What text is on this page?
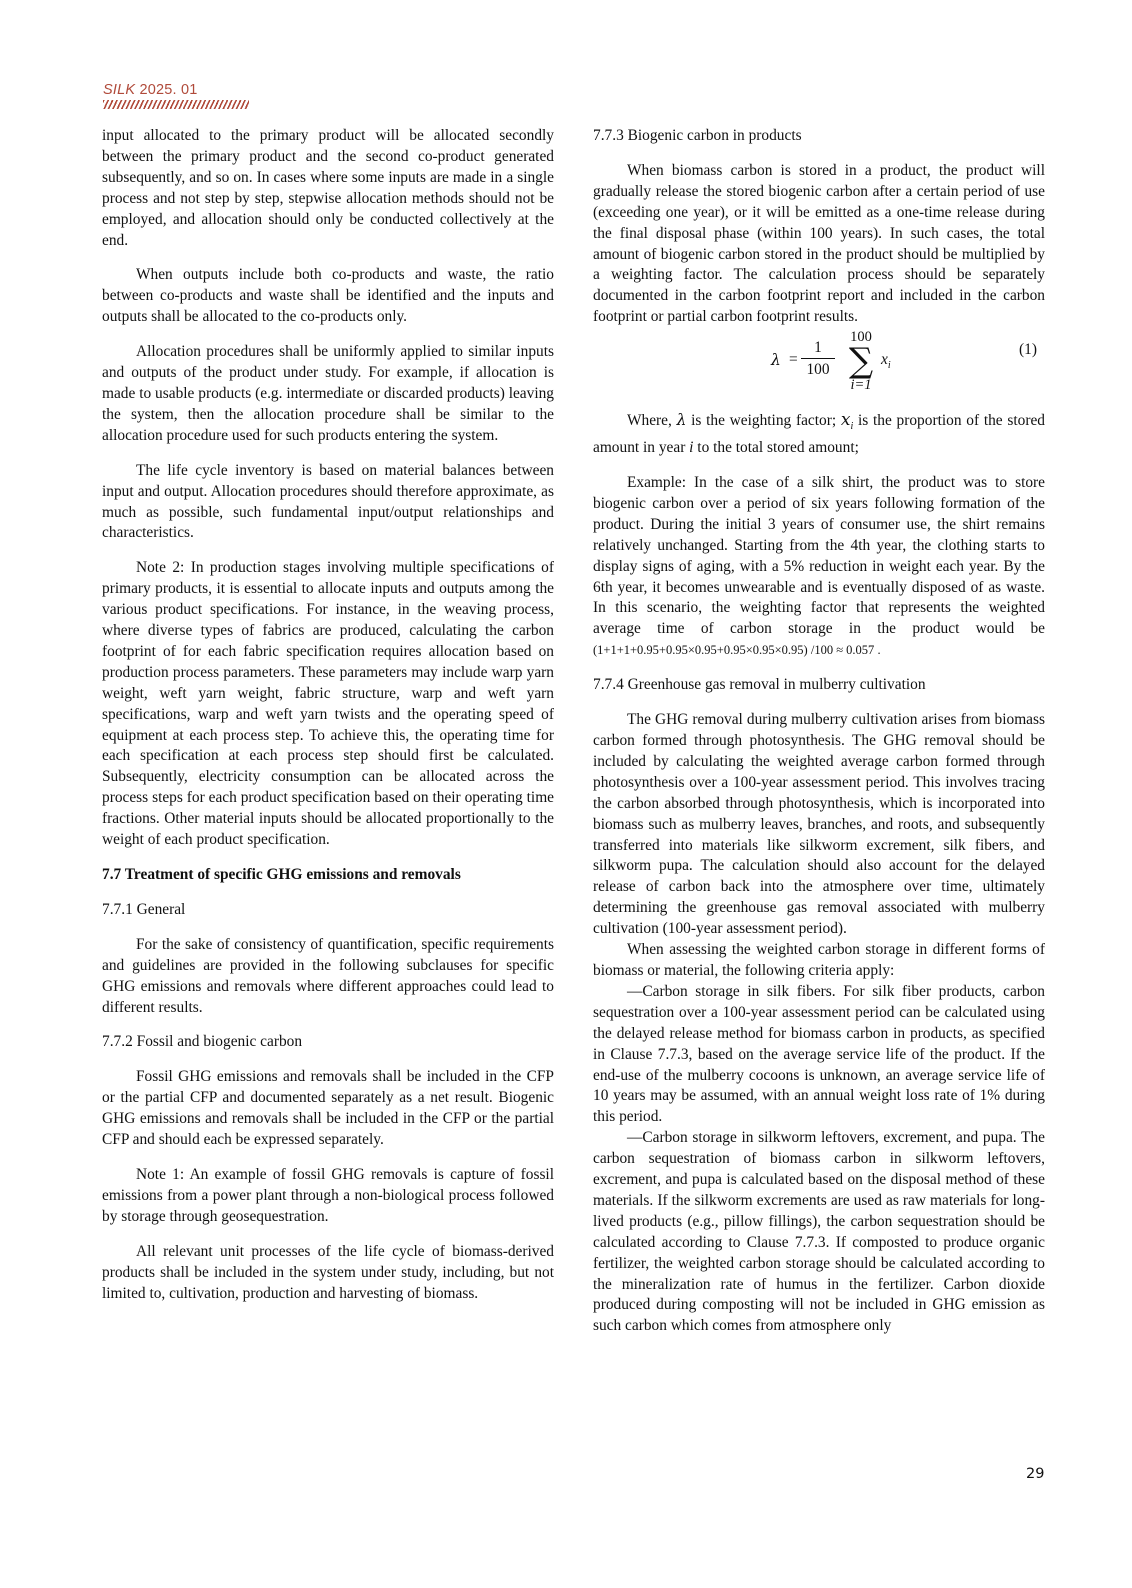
SILK 2025. 01

input allocated to the primary product will be allocated secondly between the primary product and the second co-product generated subsequently, and so on. In cases where some inputs are made in a single process and not step by step, stepwise allocation methods should not be employed, and allocation should only be conducted collectively at the end.

When outputs include both co-products and waste, the ratio between co-products and waste shall be identified and the inputs and outputs shall be allocated to the co-products only.

Allocation procedures shall be uniformly applied to similar inputs and outputs of the product under study. For example, if allocation is made to usable products (e.g. intermediate or discarded products) leaving the system, then the allocation procedure shall be similar to the allocation procedure used for such products entering the system.

The life cycle inventory is based on material balances between input and output. Allocation procedures should therefore approximate, as much as possible, such fundamental input/output relationships and characteristics.

Note 2: In production stages involving multiple specifications of primary products, it is essential to allocate inputs and outputs among the various product specifications. For instance, in the weaving process, where diverse types of fabrics are produced, calculating the carbon footprint of for each fabric specification requires allocation based on production process parameters. These parameters may include warp yarn weight, weft yarn weight, fabric structure, warp and weft yarn specifications, warp and weft yarn twists and the operating speed of equipment at each process step. To achieve this, the operating time for each specification at each process step should first be calculated. Subsequently, electricity consumption can be allocated across the process steps for each product specification based on their operating time fractions. Other material inputs should be allocated proportionally to the weight of each product specification.

7.7 Treatment of specific GHG emissions and removals
7.7.1 General

For the sake of consistency of quantification, specific requirements and guidelines are provided in the following subclauses for specific GHG emissions and removals where different approaches could lead to different results.

7.7.2 Fossil and biogenic carbon

Fossil GHG emissions and removals shall be included in the CFP or the partial CFP and documented separately as a net result. Biogenic GHG emissions and removals shall be included in the CFP or the partial CFP and should each be expressed separately.

Note 1: An example of fossil GHG removals is capture of fossil emissions from a power plant through a non-biological process followed by storage through geosequestration.

All relevant unit processes of the life cycle of biomass-derived products shall be included in the system under study, including, but not limited to, cultivation, production and harvesting of biomass.

7.7.3 Biogenic carbon in products

When biomass carbon is stored in a product, the product will gradually release the stored biogenic carbon after a certain period of use (exceeding one year), or it will be emitted as a one-time release during the final disposal phase (within 100 years). In such cases, the total amount of biogenic carbon stored in the product should be multiplied by a weighting factor. The calculation process should be separately documented in the carbon footprint report and included in the carbon footprint or partial carbon footprint results.

λ =
1
100
100
∑
i=1
$x_i$
(1)

Where, λ is the weighting factor; $x_i$ is the proportion of the stored amount in year i to the total stored amount;

Example: In the case of a silk shirt, the product was to store biogenic carbon over a period of six years following formation of the product. During the initial 3 years of consumer use, the shirt remains relatively unchanged. Starting from the 4th year, the clothing starts to display signs of aging, with a 5% reduction in weight each year. By the 6th year, it becomes unwearable and is eventually disposed of as waste. In this scenario, the weighting factor that represents the weighted average time of carbon storage in the product would be (1+1+1+0.95+0.95×0.95+0.95×0.95×0.95) /100 ≈ 0.057 .

7.7.4 Greenhouse gas removal in mulberry cultivation

The GHG removal during mulberry cultivation arises from biomass carbon formed through photosynthesis. The GHG removal should be included by calculating the weighted average carbon formed through photosynthesis over a 100-year assessment period. This involves tracing the carbon absorbed through photosynthesis, which is incorporated into biomass such as mulberry leaves, branches, and roots, and subsequently transferred into materials like silkworm excrement, silk fibers, and silkworm pupa. The calculation should also account for the delayed release of carbon back into the atmosphere over time, ultimately determining the greenhouse gas removal associated with mulberry cultivation (100-year assessment period).

When assessing the weighted carbon storage in different forms of biomass or material, the following criteria apply:

—Carbon storage in silk fibers. For silk fiber products, carbon sequestration over a 100-year assessment period can be calculated using the delayed release method for biomass carbon in products, as specified in Clause 7.7.3, based on the average service life of the product. If the end-use of the mulberry cocoons is unknown, an average service life of 10 years may be assumed, with an annual weight loss rate of 1% during this period.

—Carbon storage in silkworm leftovers, excrement, and pupa. The carbon sequestration of biomass carbon in silkworm leftovers, excrement, and pupa is calculated based on the disposal method of these materials. If the silkworm excrements are used as raw materials for long-lived products (e.g., pillow fillings), the carbon sequestration should be calculated according to Clause 7.7.3. If composted to produce organic fertilizer, the weighted carbon storage should be calculated according to the mineralization rate of humus in the fertilizer. Carbon dioxide produced during composting will not be included in GHG emission as such carbon which comes from atmosphere only

29
